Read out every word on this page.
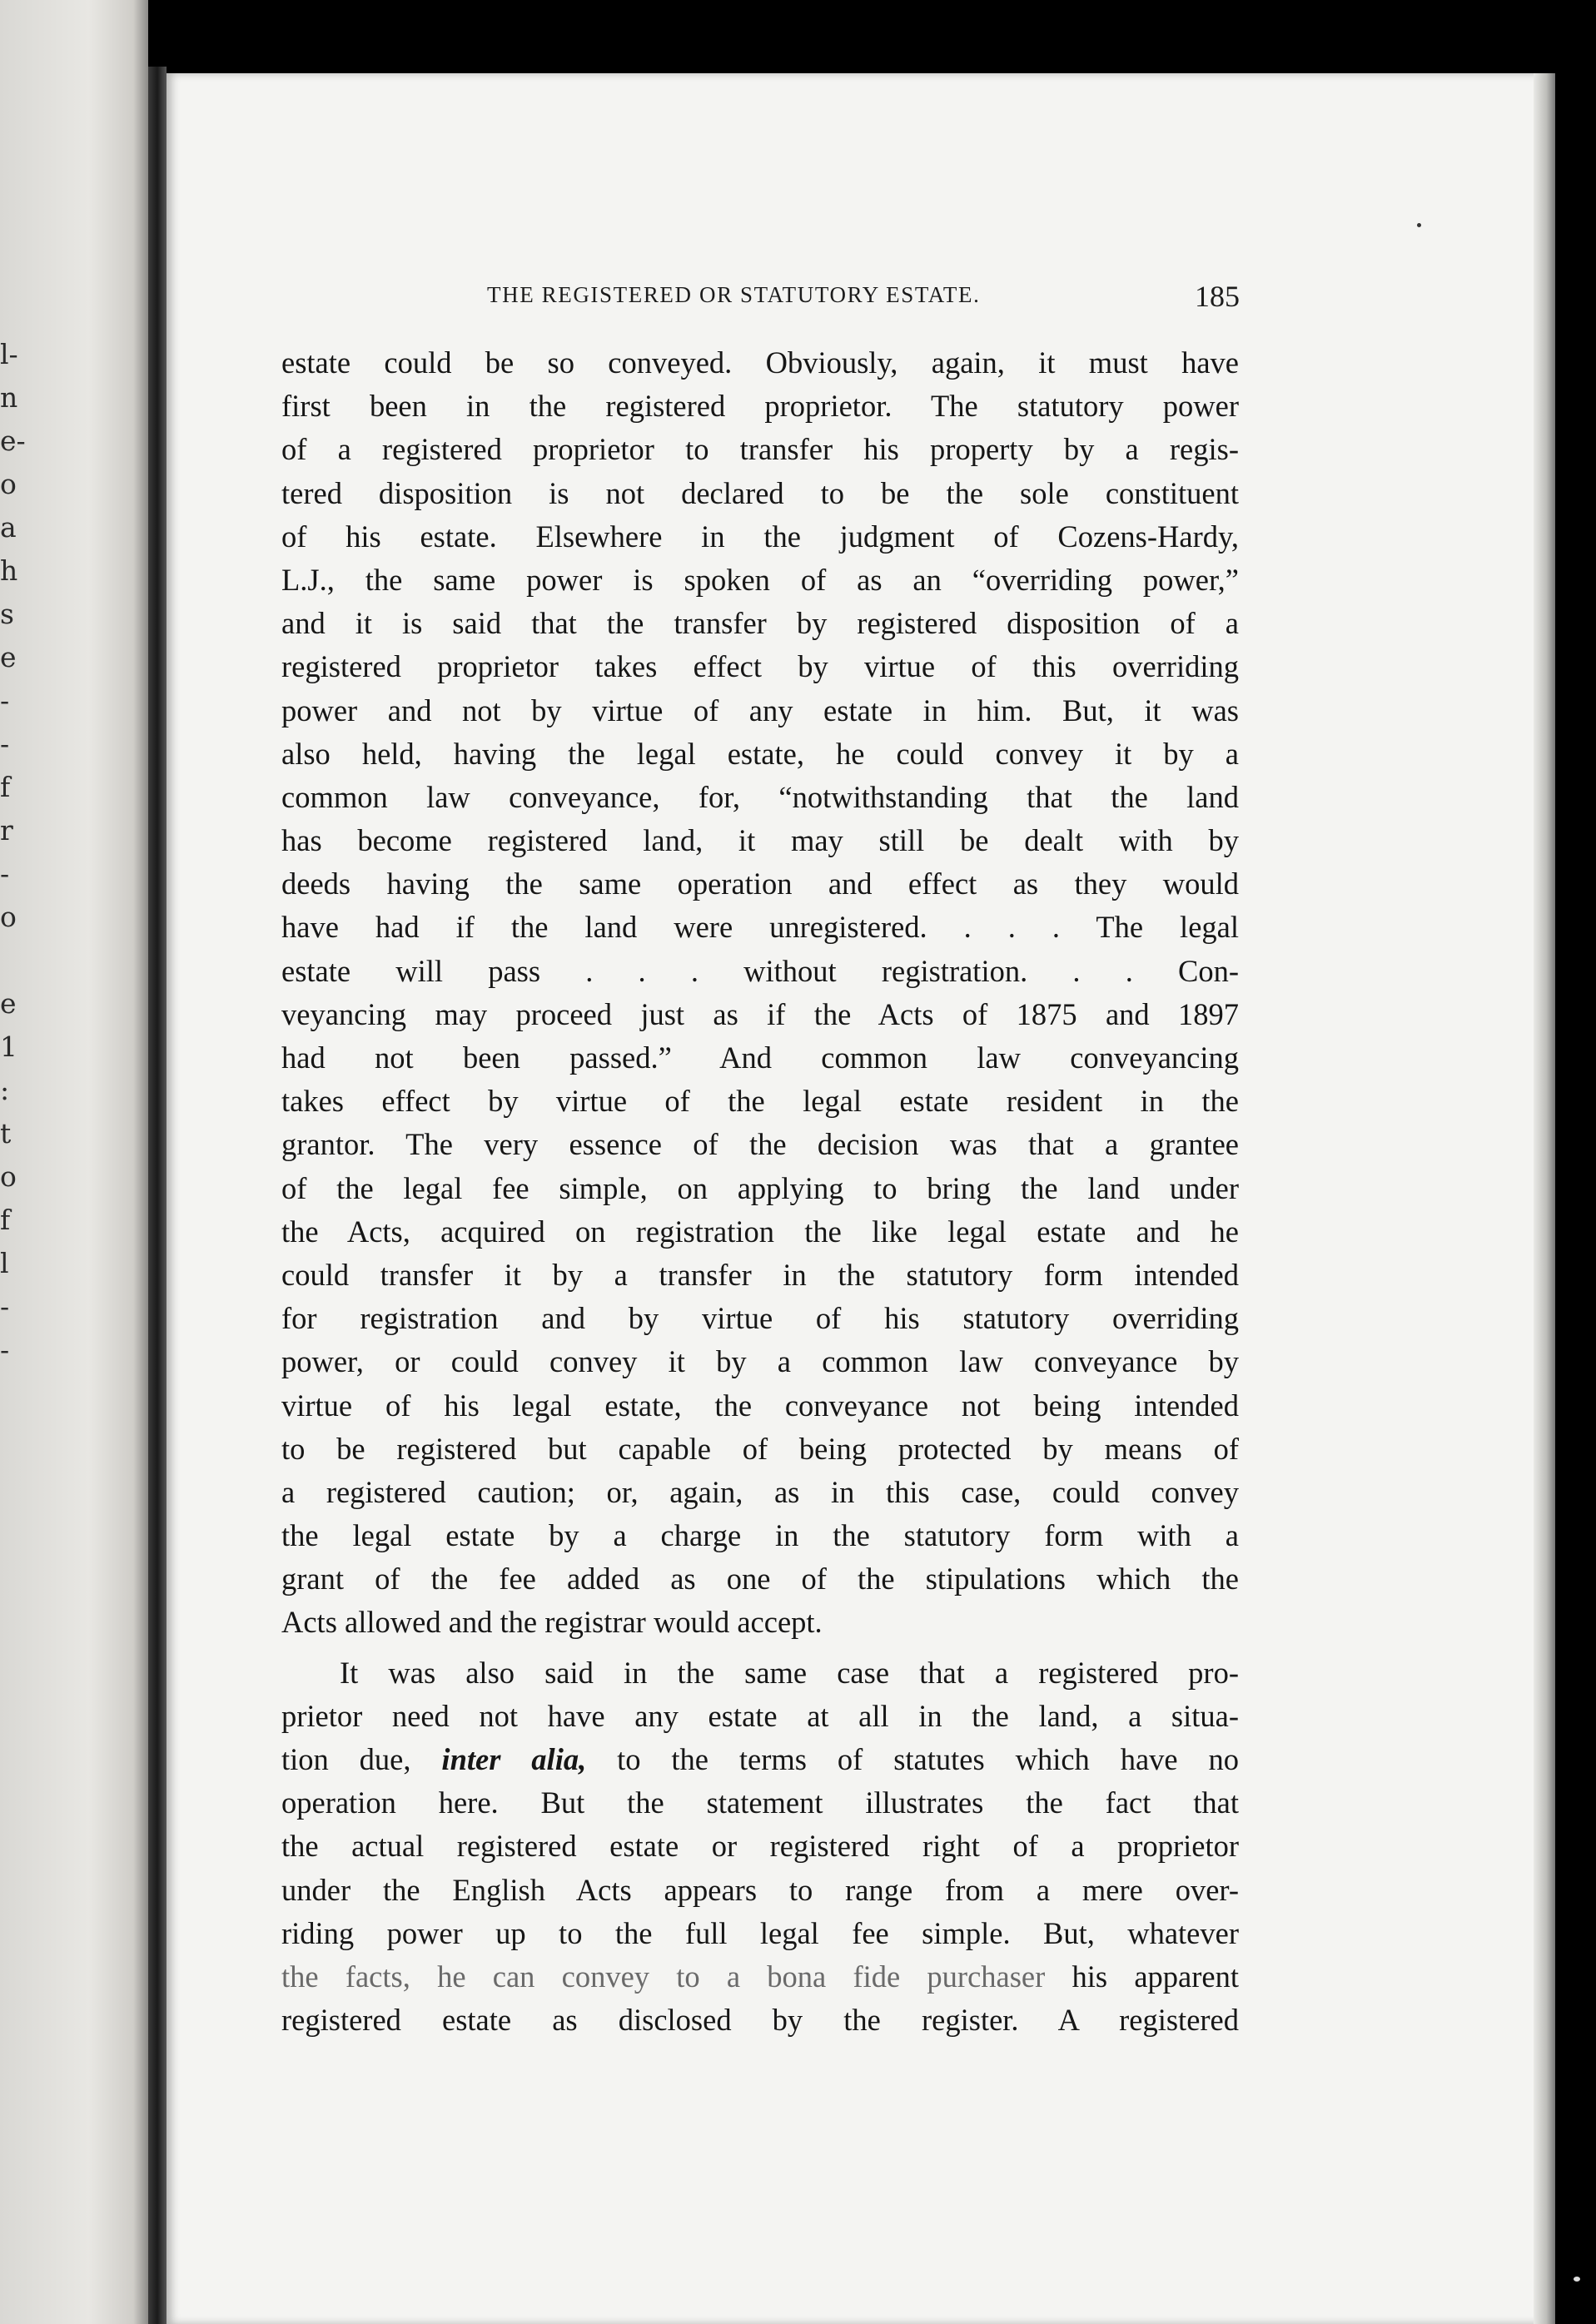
l-
n
e-
o
a
h
s
e
-
-
f
r
-
o
e
1
:
t
o
f
l
-
-
THE REGISTERED OR STATUTORY ESTATE.	185
estate could be so conveyed. Obviously, again, it must have
first been in the registered proprietor. The statutory power
of a registered proprietor to transfer his property by a regis-
tered disposition is not declared to be the sole constituent
of his estate. Elsewhere in the judgment of Cozens-Hardy,
L.J., the same power is spoken of as an “overriding power,”
and it is said that the transfer by registered disposition of a
registered proprietor takes effect by virtue of this overriding
power and not by virtue of any estate in him. But, it was
also held, having the legal estate, he could convey it by a
common law conveyance, for, “notwithstanding that the land
has become registered land, it may still be dealt with by
deeds having the same operation and effect as they would
have had if the land were unregistered. . . . The legal
estate will pass . . . without registration. . . Con-
veyancing may proceed just as if the Acts of 1875 and 1897
had not been passed.” And common law conveyancing
takes effect by virtue of the legal estate resident in the
grantor. The very essence of the decision was that a grantee
of the legal fee simple, on applying to bring the land under
the Acts, acquired on registration the like legal estate and he
could transfer it by a transfer in the statutory form intended
for registration and by virtue of his statutory overriding
power, or could convey it by a common law conveyance by
virtue of his legal estate, the conveyance not being intended
to be registered but capable of being protected by means of
a registered caution; or, again, as in this case, could convey
the legal estate by a charge in the statutory form with a
grant of the fee added as one of the stipulations which the
Acts allowed and the registrar would accept.
It was also said in the same case that a registered pro-
prietor need not have any estate at all in the land, a situa-
tion due, inter alia, to the terms of statutes which have no
operation here. But the statement illustrates the fact that
the actual registered estate or registered right of a proprietor
under the English Acts appears to range from a mere over-
riding power up to the full legal fee simple. But, whatever
the facts, he can convey to a bona fide purchaser his apparent
registered estate as disclosed by the register. A registered
